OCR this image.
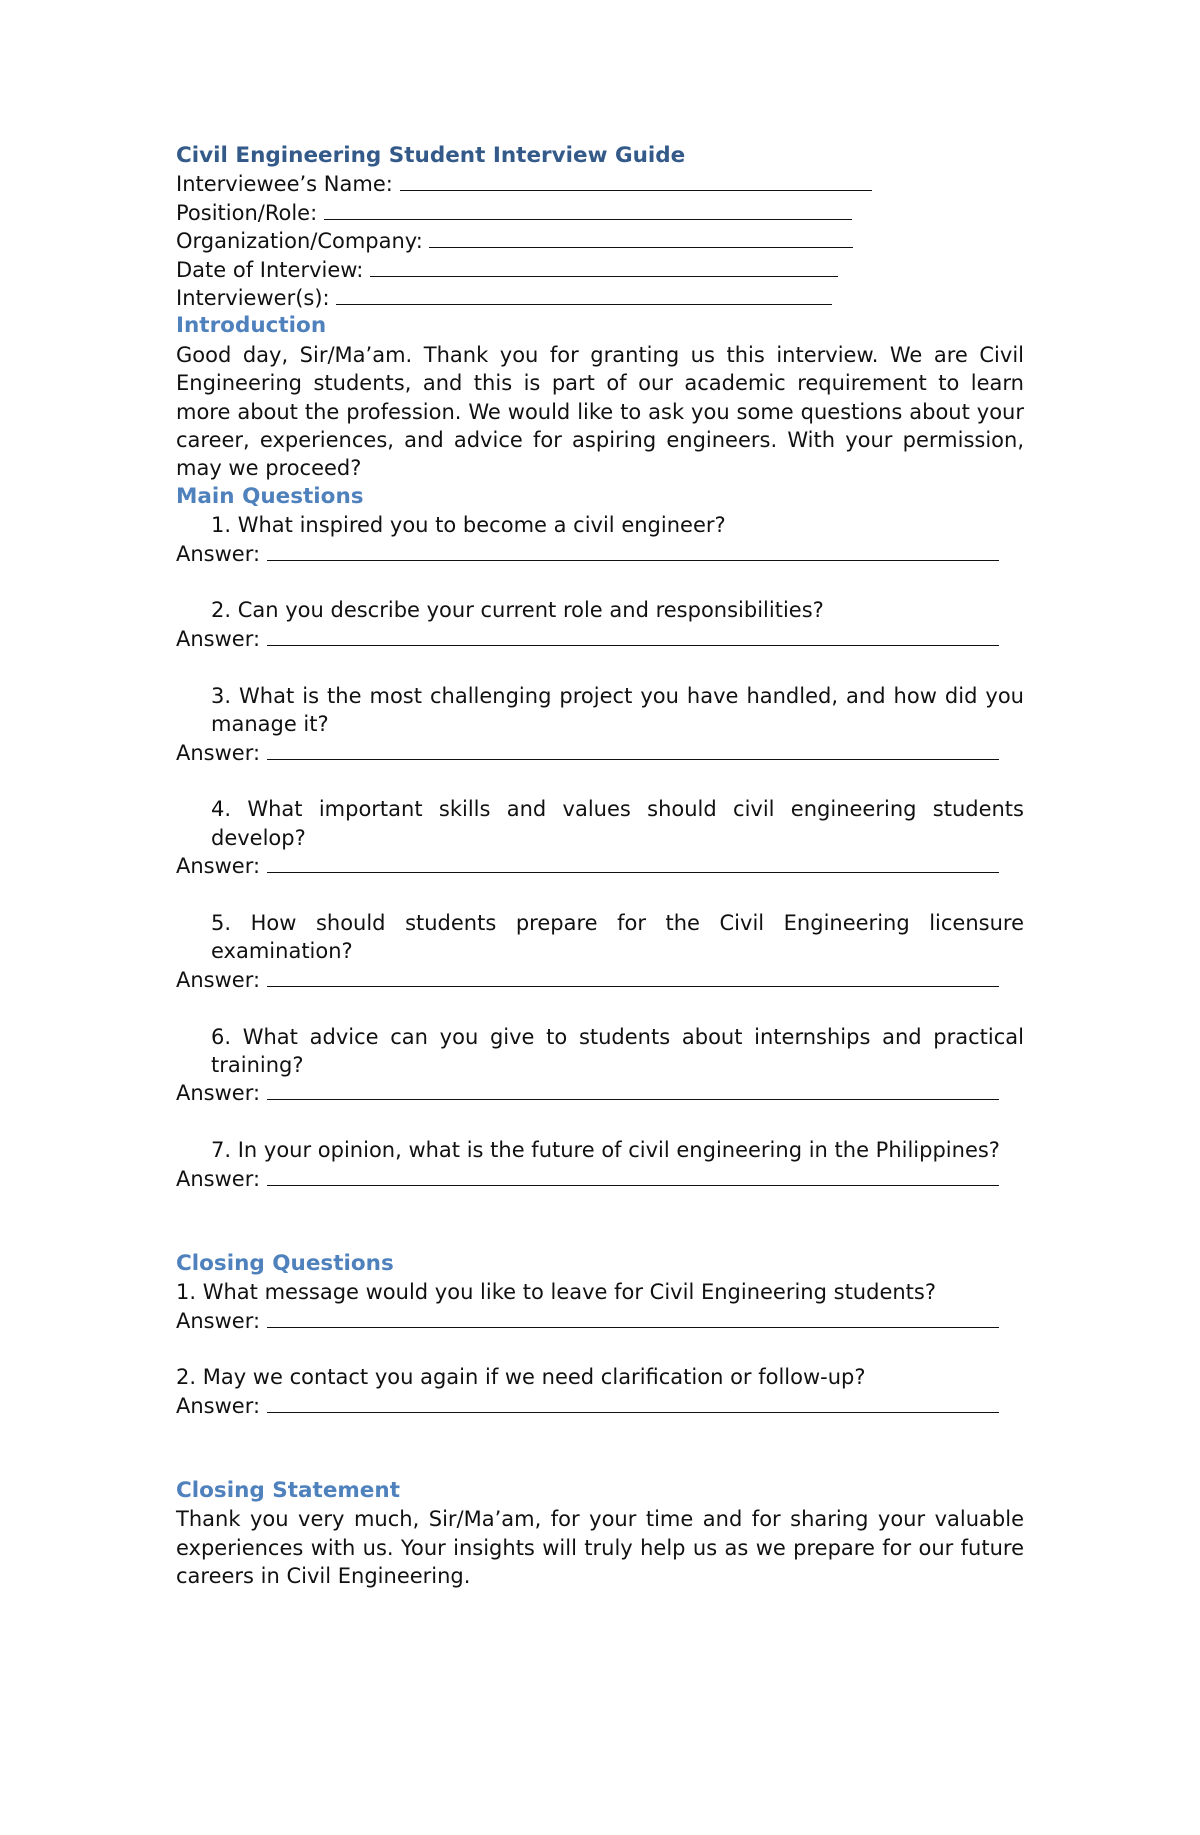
Civil Engineering Student Interview Guide
Interviewee’s Name:
Position/Role:
Organization/Company:
Date of Interview:
Interviewer(s):
Introduction

Good day, Sir/Ma’am. Thank you for granting us this interview. We are Civil Engineering students, and this is part of our academic requirement to learn more about the profession. We would like to ask you some questions about your career, experiences, and advice for aspiring engineers. With your permission, may we proceed?

Main Questions
1. What inspired you to become a civil engineer?
Answer:
2. Can you describe your current role and responsibilities?
Answer:
3. What is the most challenging project you have handled, and how did you manage it?
Answer:
4. What important skills and values should civil engineering students develop?
Answer:
5. How should students prepare for the Civil Engineering licensure examination?
Answer:
6. What advice can you give to students about internships and practical training?
Answer:
7. In your opinion, what is the future of civil engineering in the Philippines?
Answer:
Closing Questions
1. What message would you like to leave for Civil Engineering students?
Answer:
2. May we contact you again if we need clarification or follow-up?
Answer:
Closing Statement

Thank you very much, Sir/Ma’am, for your time and for sharing your valuable experiences with us. Your insights will truly help us as we prepare for our future careers in Civil Engineering.
